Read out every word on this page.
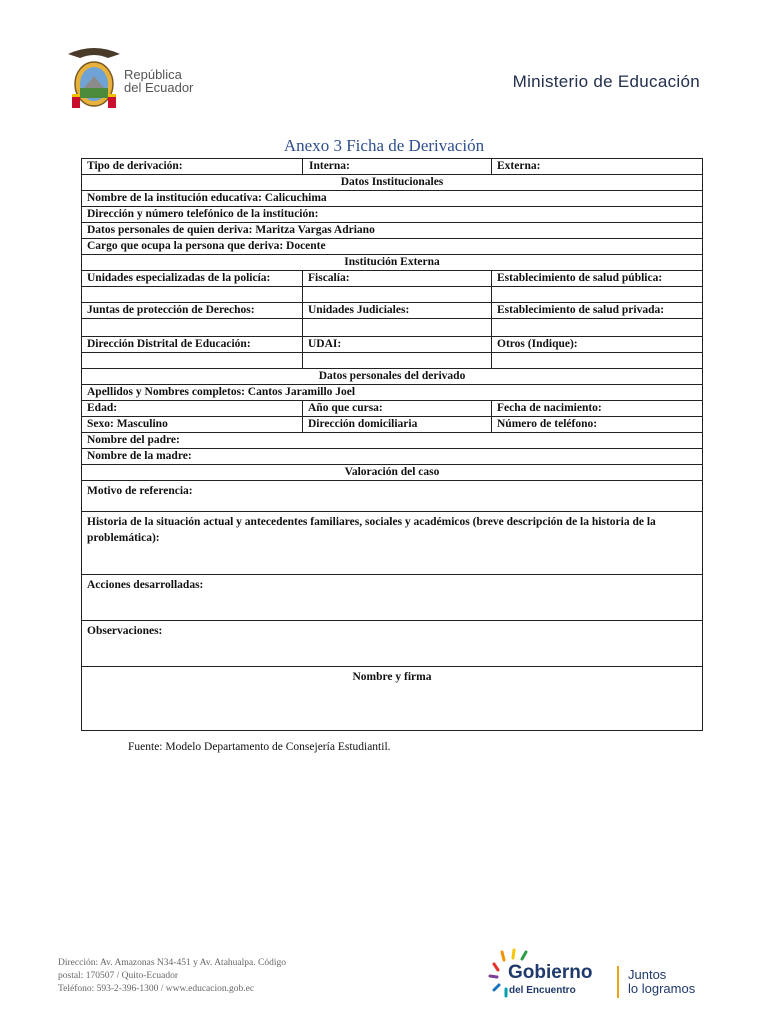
República
del Ecuador	Ministerio de Educación
Anexo 3 Ficha de Derivación
Tipo de derivación:	Interna:	Externa:
Datos Institucionales		
Nombre de la institución educativa: Calicuchima		
Dirección y número telefónico de la institución:		
Datos personales de quien deriva: Maritza Vargas Adriano		
Cargo que ocupa la persona que deriva: Docente		
Institución Externa		
Unidades especializadas de la policía:	Fiscalía:	Establecimiento de salud pública:

Juntas de protección de Derechos:	Unidades Judiciales:	Establecimiento de salud privada:

Dirección Distrital de Educación:	UDAI:	Otros (Indique):

Datos personales del derivado		
Apellidos y Nombres completos: Cantos Jaramillo Joel		
Edad:	Año que cursa:	Fecha de nacimiento:
Sexo: Masculino	Dirección domiciliaria	Número de teléfono:
Nombre del padre:		
Nombre de la madre:		
Valoración del caso		
Motivo de referencia:		
Historia de la situación actual y antecedentes familiares, sociales y académicos (breve descripción de la historia de la problemática):		
Acciones desarrolladas:		
Observaciones:		
Nombre y firma		
Fuente: Modelo Departamento de Consejería Estudiantil.
Dirección: Av. Amazonas N34-451 y Av. Atahualpa. Código
postal: 170507 / Quito-Ecuador
Teléfono: 593-2-396-1300 / www.educacion.gob.ec
Gobierno
del Encuentro
Juntos
lo logramos
